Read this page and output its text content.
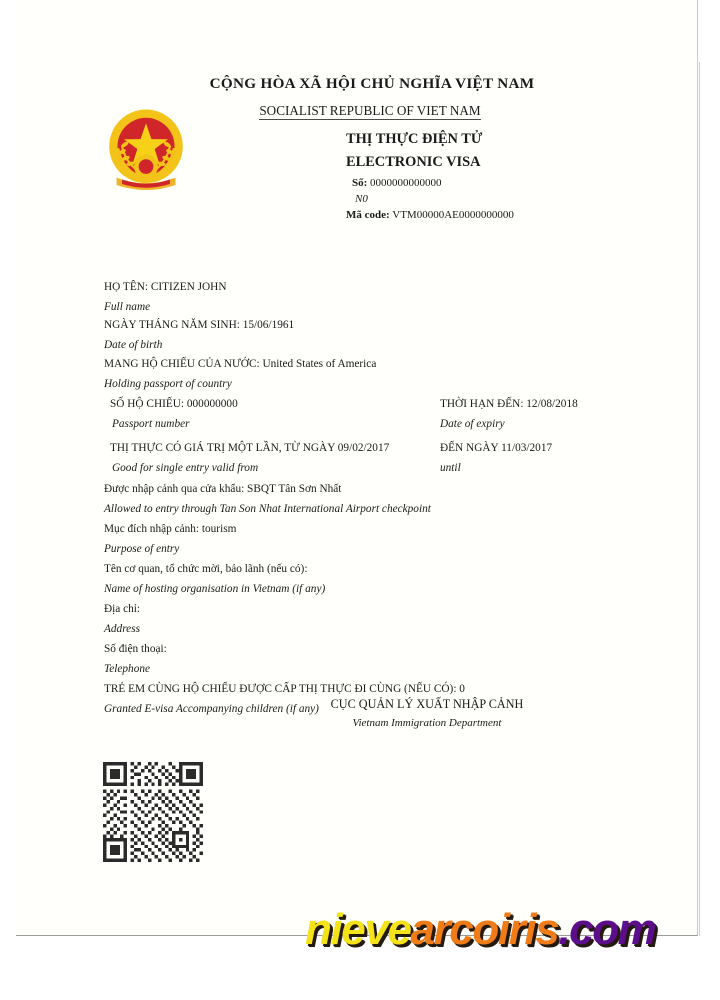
CỘNG HÒA XÃ HỘI CHỦ NGHĨA VIỆT NAM
SOCIALIST REPUBLIC OF VIET NAM
THỊ THỰC ĐIỆN TỬ
ELECTRONIC VISA
Số: 0000000000000
N0
Mã code: VTM00000AE0000000000
HỌ TÊN: CITIZEN JOHN
Full name
NGÀY THÁNG NĂM SINH: 15/06/1961
Date of birth
MANG HỘ CHIẾU CỦA NƯỚC: United States of America
Holding passport of country
SỐ HỘ CHIẾU: 000000000
Passport number
THỜI HẠN ĐẾN: 12/08/2018
Date of expiry
THỊ THỰC CÓ GIÁ TRỊ MỘT LẦN, TỪ NGÀY 09/02/2017
Good for single entry valid from
ĐẾN NGÀY 11/03/2017
until
Được nhập cảnh qua cửa khẩu: SBQT Tân Sơn Nhất
Allowed to entry through Tan Son Nhat International Airport checkpoint
Mục đích nhập cảnh: tourism
Purpose of entry
Tên cơ quan, tổ chức mời, bảo lãnh (nếu có):
Name of hosting organisation in Vietnam (if any)
Địa chỉ:
Address
Số điện thoại:
Telephone
TRẺ EM CÙNG HỘ CHIẾU ĐƯỢC CẤP THỊ THỰC ĐI CÙNG (NẾU CÓ): 0
Granted E-visa Accompanying children (if any) CỤC QUẢN LÝ XUẤT NHẬP CẢNH
Vietnam Immigration Department
nievearcoiris.com
